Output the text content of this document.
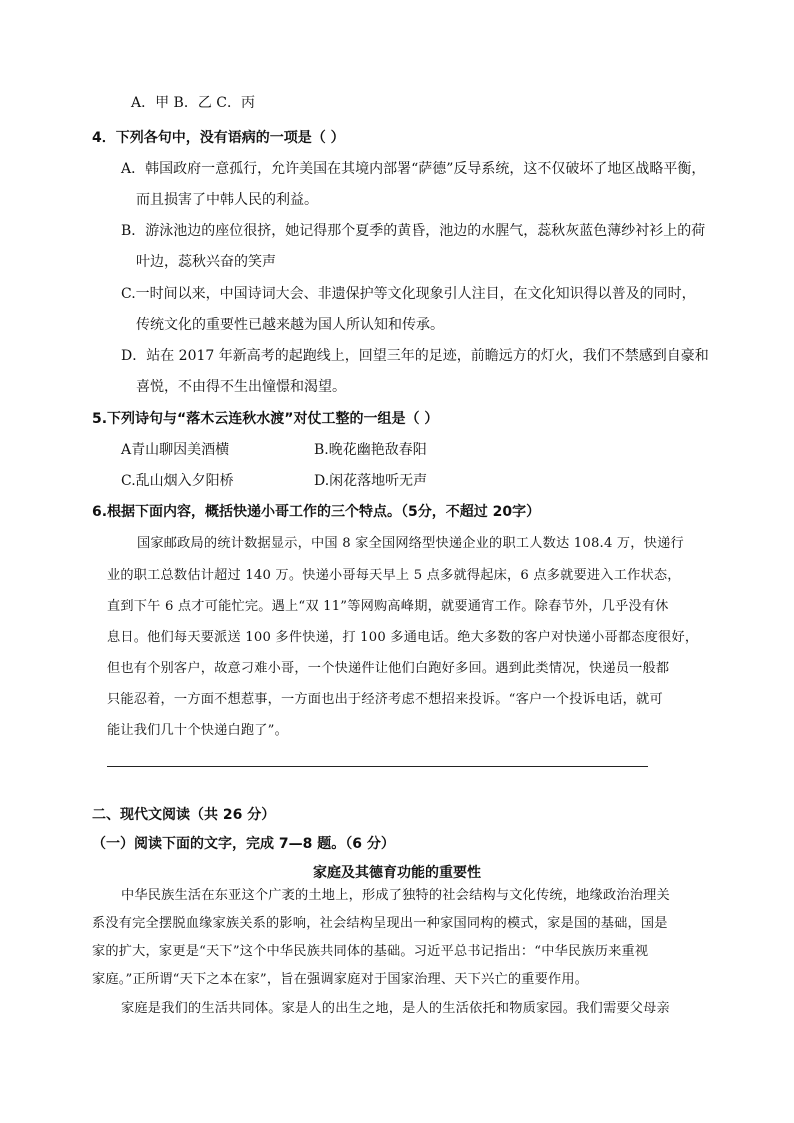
A．甲 B．乙 C．丙
4．下列各句中，没有语病的一项是（ ）
A．韩国政府一意孤行，允许美国在其境内部署“萨德”反导系统，这不仅破坏了地区战略平衡，
而且损害了中韩人民的利益。
B．游泳池边的座位很挤，她记得那个夏季的黄昏，池边的水腥气，蕊秋灰蓝色薄纱衬衫上的荷
叶边，蕊秋兴奋的笑声
C.一时间以来，中国诗词大会、非遗保护等文化现象引人注目，在文化知识得以普及的同时，
传统文化的重要性已越来越为国人所认知和传承。
D．站在 2017 年新高考的起跑线上，回望三年的足迹，前瞻远方的灯火，我们不禁感到自豪和
喜悦，不由得不生出憧憬和渴望。
5.下列诗句与“落木云连秋水渡”对仗工整的一组是（ ）
A青山聊因美酒横	B.晚花幽艳敌春阳
C.乱山烟入夕阳桥	D.闲花落地听无声
6.根据下面内容，概括快递小哥工作的三个特点。（5分，不超过 20字）
国家邮政局的统计数据显示，中国 8 家全国网络型快递企业的职工人数达 108.4 万，快递行
业的职工总数估计超过 140 万。快递小哥每天早上 5 点多就得起床，6 点多就要进入工作状态，
直到下午 6 点才可能忙完。遇上“双 11”等网购高峰期，就要通宵工作。除春节外，几乎没有休
息日。他们每天要派送 100 多件快递，打 100 多通电话。绝大多数的客户对快递小哥都态度很好，
但也有个别客户，故意刁难小哥，一个快递件让他们白跑好多回。遇到此类情况，快递员一般都
只能忍着，一方面不想惹事，一方面也出于经济考虑不想招来投诉。“客户一个投诉电话，就可
能让我们几十个快递白跑了”。
二、现代文阅读（共 26 分）
（一）阅读下面的文字，完成 7—8 题。（6 分）
家庭及其德育功能的重要性
中华民族生活在东亚这个广袤的土地上，形成了独特的社会结构与文化传统，地缘政治治理关
系没有完全摆脱血缘家族关系的影响，社会结构呈现出一种家国同构的模式，家是国的基础，国是
家的扩大，家更是“天下”这个中华民族共同体的基础。习近平总书记指出：“中华民族历来重视
家庭。”正所谓“天下之本在家”，旨在强调家庭对于国家治理、天下兴亡的重要作用。
家庭是我们的生活共同体。家是人的出生之地，是人的生活依托和物质家园。我们需要父母亲
